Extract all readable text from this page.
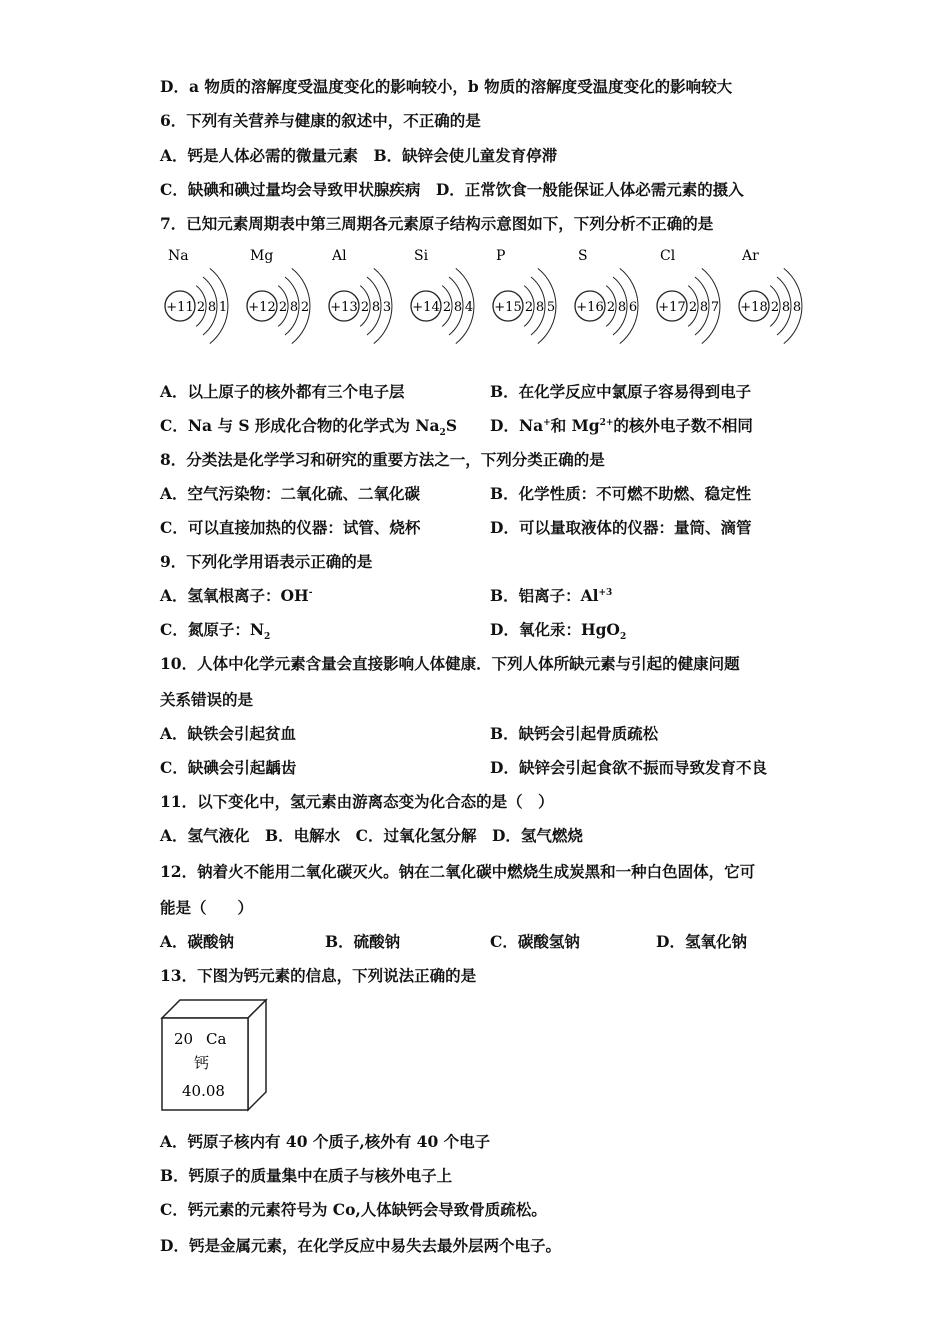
D．a 物质的溶解度受温度变化的影响较小，b 物质的溶解度受温度变化的影响较大
6．下列有关营养与健康的叙述中，不正确的是
A．钙是人体必需的微量元素　B．缺锌会使儿童发育停滞
C．缺碘和碘过量均会导致甲状腺疾病　D．正常饮食一般能保证人体必需元素的摄入
7．已知元素周期表中第三周期各元素原子结构示意图如下，下列分析不正确的是
Na
+11 2 8 1
Mg
+12 2 8 2
Al
+13 2 8 3
Si
+14 2 8 4
P
+15 2 8 5
S
+16 2 8 6
Cl
+17 2 8 7
Ar
+18 2 8 8
A．以上原子的核外都有三个电子层	B．在化学反应中氯原子容易得到电子
C．Na 与 S 形成化合物的化学式为 $Na_2S$ D．Na+和 $Mg^{2+}$的核外电子数不相同
8．分类法是化学学习和研究的重要方法之一，下列分类正确的是
A．空气污染物：二氧化硫、二氧化碳	B．化学性质：不可燃不助燃、稳定性
C．可以直接加热的仪器：试管、烧杯	D．可以量取液体的仪器：量筒、滴管
9．下列化学用语表示正确的是
A．氢氧根离子：OH-	B．铝离子：$Al^{+3}$
C．氮原子：$N_2$	D．氧化汞：HgO$_2$
10．人体中化学元素含量会直接影响人体健康．下列人体所缺元素与引起的健康问题
关系错误的是
A．缺铁会引起贫血	B．缺钙会引起骨质疏松
C．缺碘会引起龋齿	D．缺锌会引起食欲不振而导致发育不良
11．以下变化中，氢元素由游离态变为化合态的是（　）
A．氢气液化　B．电解水　C．过氧化氢分解　D．氢气燃烧
12．钠着火不能用二氧化碳灭火。钠在二氧化碳中燃烧生成炭黑和一种白色固体，它可
能是（　　）
A．碳酸钠	B．硫酸钠	C．碳酸氢钠	D．氢氧化钠
13．下图为钙元素的信息，下列说法正确的是
20 Ca
钙
40.08
A．钙原子核内有 40 个质子,核外有 40 个电子
B．钙原子的质量集中在质子与核外电子上
C．钙元素的元素符号为 Co,人体缺钙会导致骨质疏松。
D．钙是金属元素，在化学反应中易失去最外层两个电子。
